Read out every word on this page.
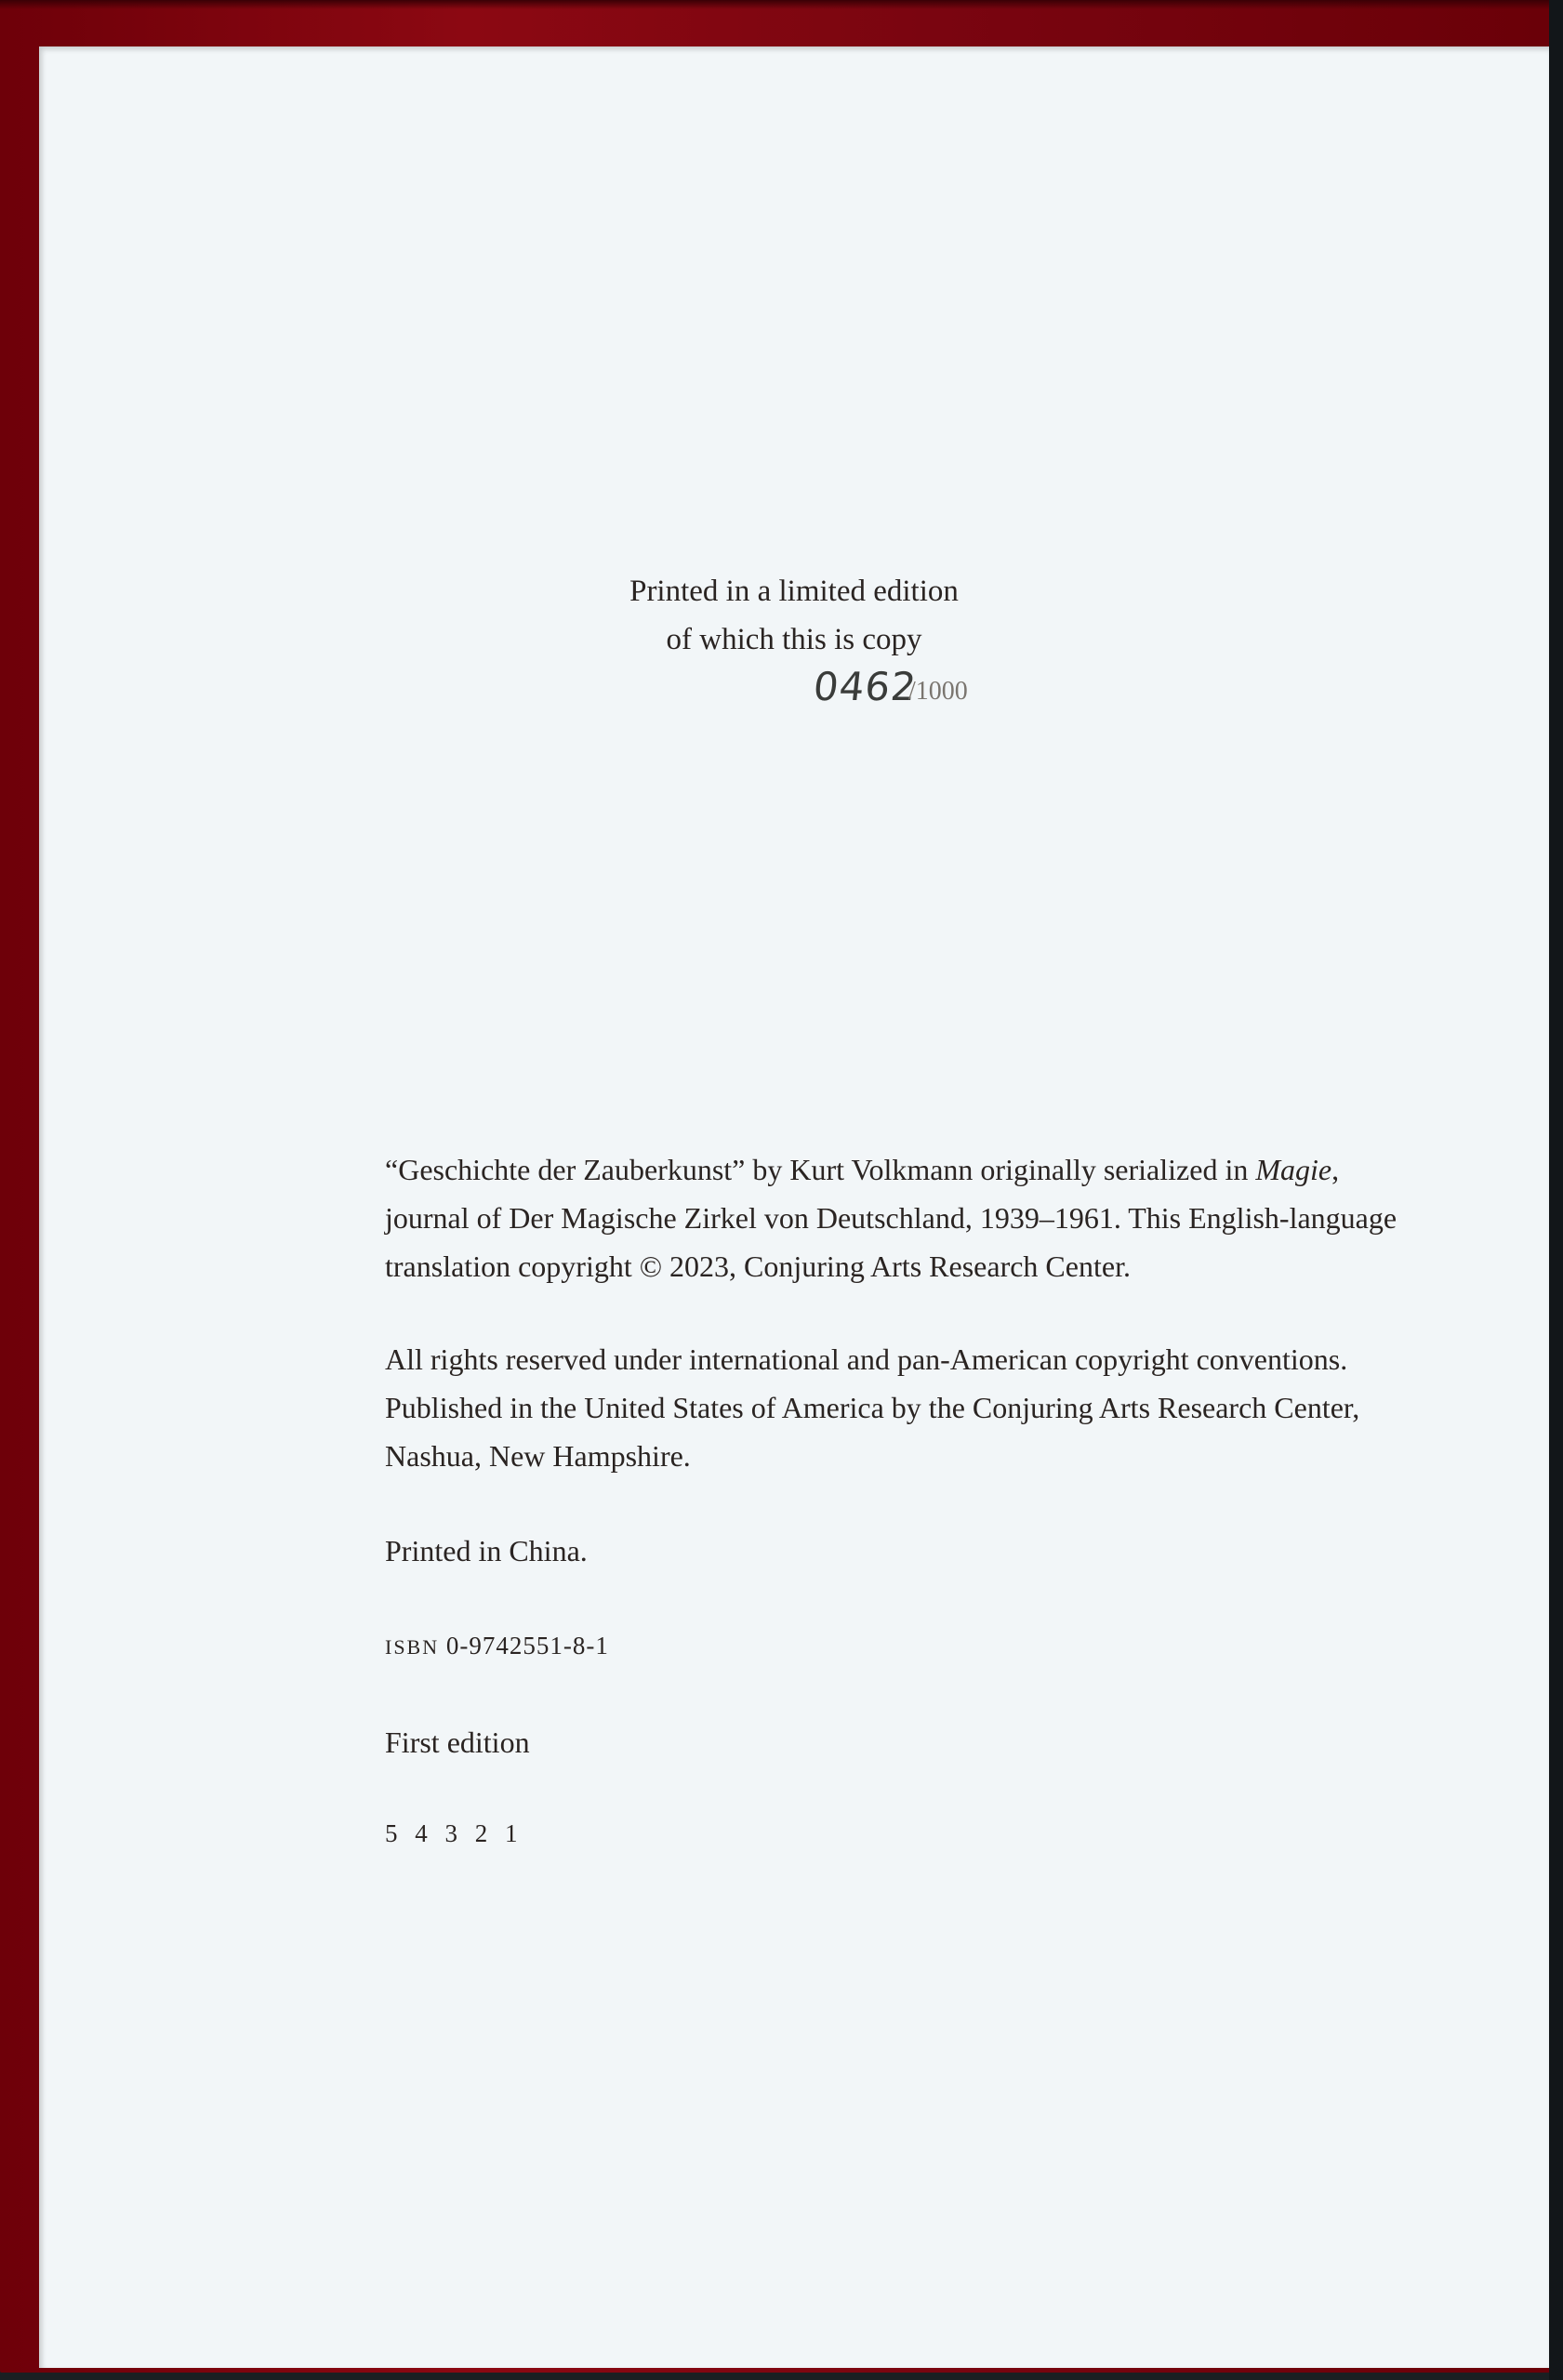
Printed in a limited edition
of which this is copy
0462
/1000

“Geschichte der Zauberkunst” by Kurt Volkmann originally serialized in Magie,
journal of Der Magische Zirkel von Deutschland, 1939–1961. This English-language
translation copyright © 2023, Conjuring Arts Research Center.

All rights reserved under international and pan-American copyright conventions.
Published in the United States of America by the Conjuring Arts Research Center,
Nashua, New Hampshire.

Printed in China.

ISBN 0-9742551-8-1

First edition

5 4 3 2 1
